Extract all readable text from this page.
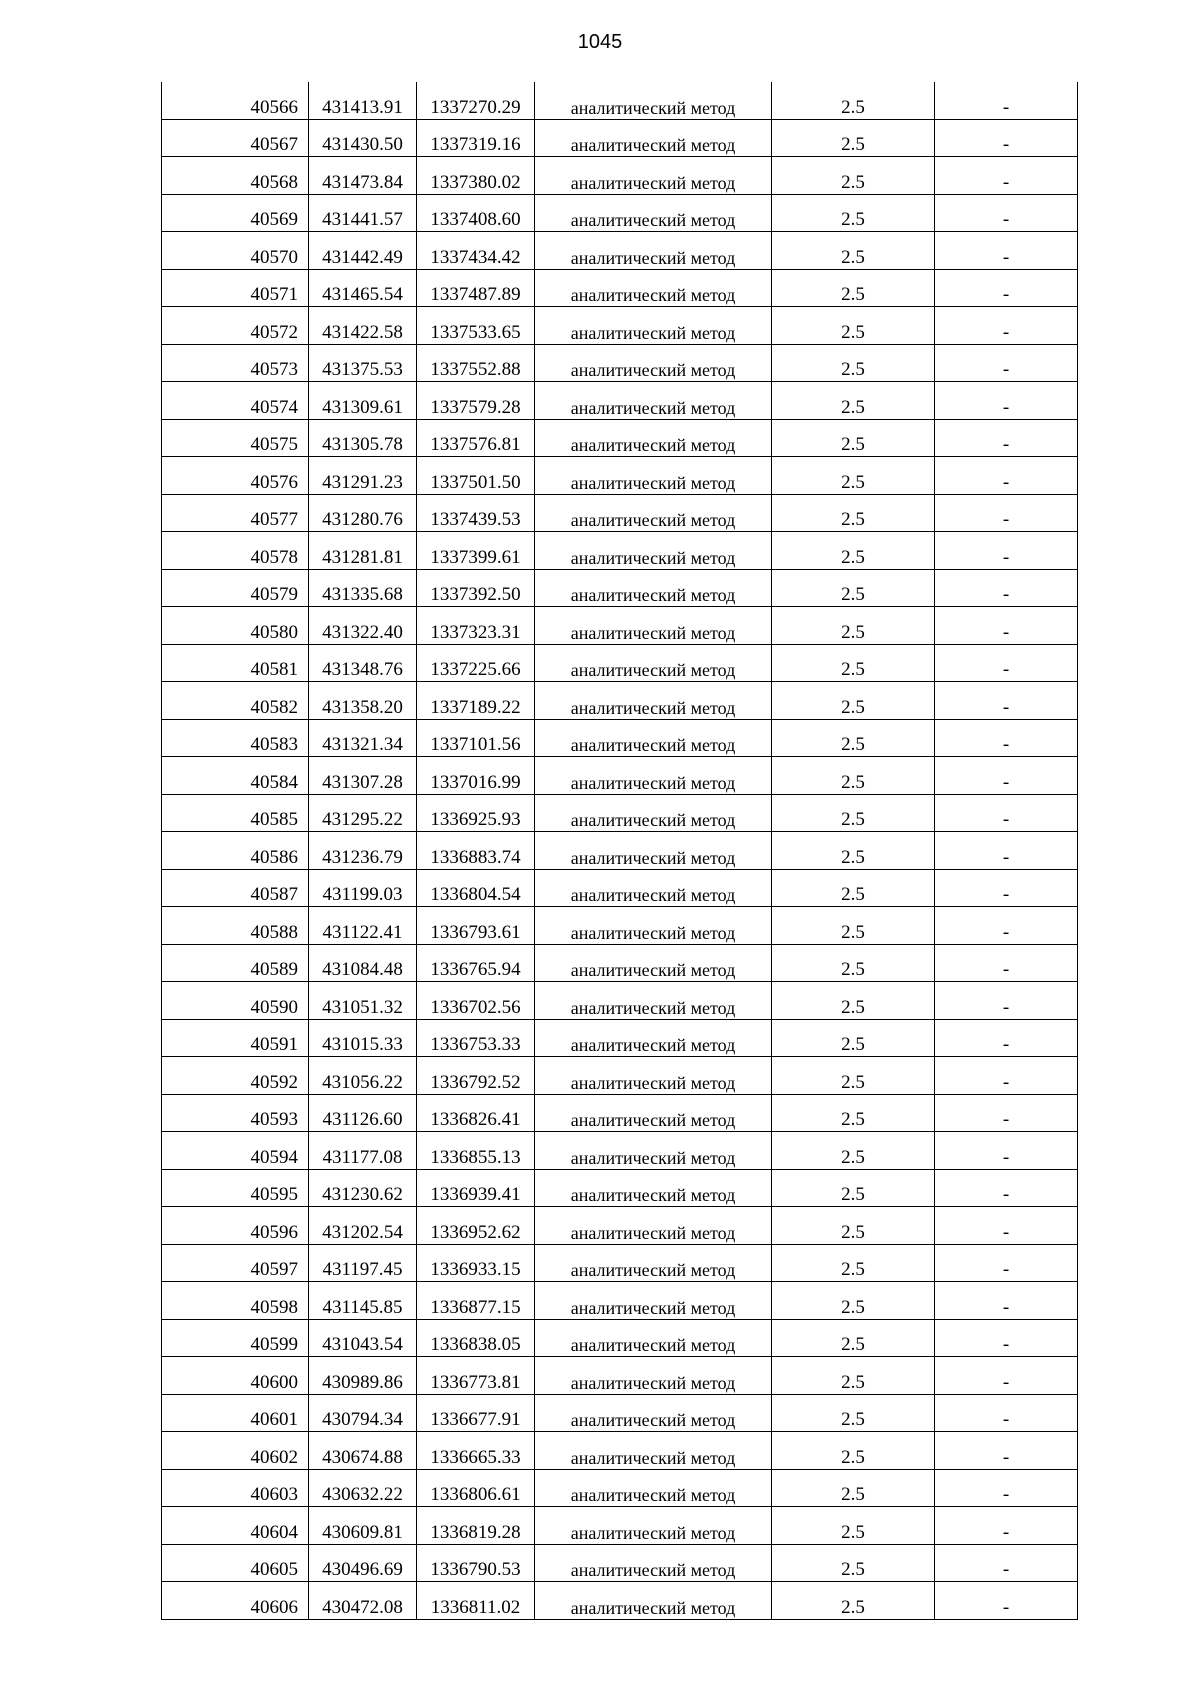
1045
40566	431413.91	1337270.29	аналитический метод	2.5	-
40567	431430.50	1337319.16	аналитический метод	2.5	-
40568	431473.84	1337380.02	аналитический метод	2.5	-
40569	431441.57	1337408.60	аналитический метод	2.5	-
40570	431442.49	1337434.42	аналитический метод	2.5	-
40571	431465.54	1337487.89	аналитический метод	2.5	-
40572	431422.58	1337533.65	аналитический метод	2.5	-
40573	431375.53	1337552.88	аналитический метод	2.5	-
40574	431309.61	1337579.28	аналитический метод	2.5	-
40575	431305.78	1337576.81	аналитический метод	2.5	-
40576	431291.23	1337501.50	аналитический метод	2.5	-
40577	431280.76	1337439.53	аналитический метод	2.5	-
40578	431281.81	1337399.61	аналитический метод	2.5	-
40579	431335.68	1337392.50	аналитический метод	2.5	-
40580	431322.40	1337323.31	аналитический метод	2.5	-
40581	431348.76	1337225.66	аналитический метод	2.5	-
40582	431358.20	1337189.22	аналитический метод	2.5	-
40583	431321.34	1337101.56	аналитический метод	2.5	-
40584	431307.28	1337016.99	аналитический метод	2.5	-
40585	431295.22	1336925.93	аналитический метод	2.5	-
40586	431236.79	1336883.74	аналитический метод	2.5	-
40587	431199.03	1336804.54	аналитический метод	2.5	-
40588	431122.41	1336793.61	аналитический метод	2.5	-
40589	431084.48	1336765.94	аналитический метод	2.5	-
40590	431051.32	1336702.56	аналитический метод	2.5	-
40591	431015.33	1336753.33	аналитический метод	2.5	-
40592	431056.22	1336792.52	аналитический метод	2.5	-
40593	431126.60	1336826.41	аналитический метод	2.5	-
40594	431177.08	1336855.13	аналитический метод	2.5	-
40595	431230.62	1336939.41	аналитический метод	2.5	-
40596	431202.54	1336952.62	аналитический метод	2.5	-
40597	431197.45	1336933.15	аналитический метод	2.5	-
40598	431145.85	1336877.15	аналитический метод	2.5	-
40599	431043.54	1336838.05	аналитический метод	2.5	-
40600	430989.86	1336773.81	аналитический метод	2.5	-
40601	430794.34	1336677.91	аналитический метод	2.5	-
40602	430674.88	1336665.33	аналитический метод	2.5	-
40603	430632.22	1336806.61	аналитический метод	2.5	-
40604	430609.81	1336819.28	аналитический метод	2.5	-
40605	430496.69	1336790.53	аналитический метод	2.5	-
40606	430472.08	1336811.02	аналитический метод	2.5	-
